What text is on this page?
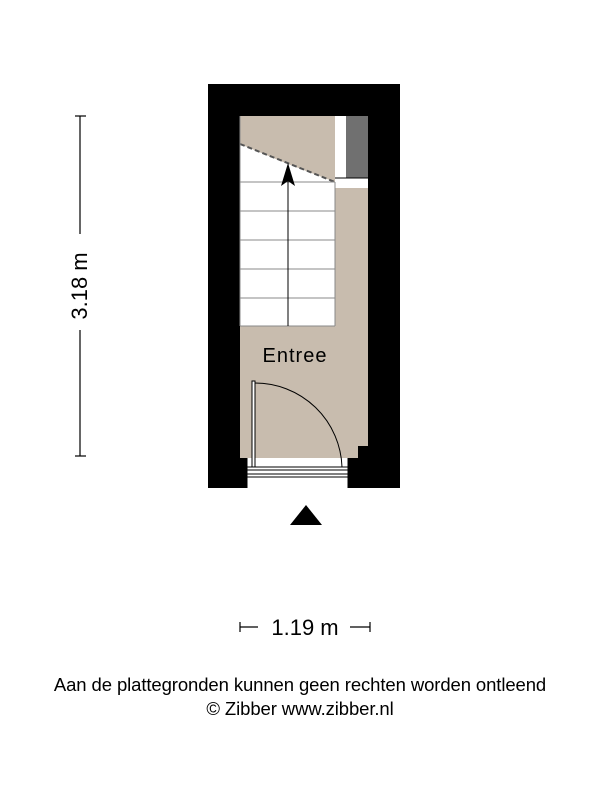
Entree
3.18 m
1.19 m
Aan de plattegronden kunnen geen rechten worden ontleend
© Zibber www.zibber.nl
